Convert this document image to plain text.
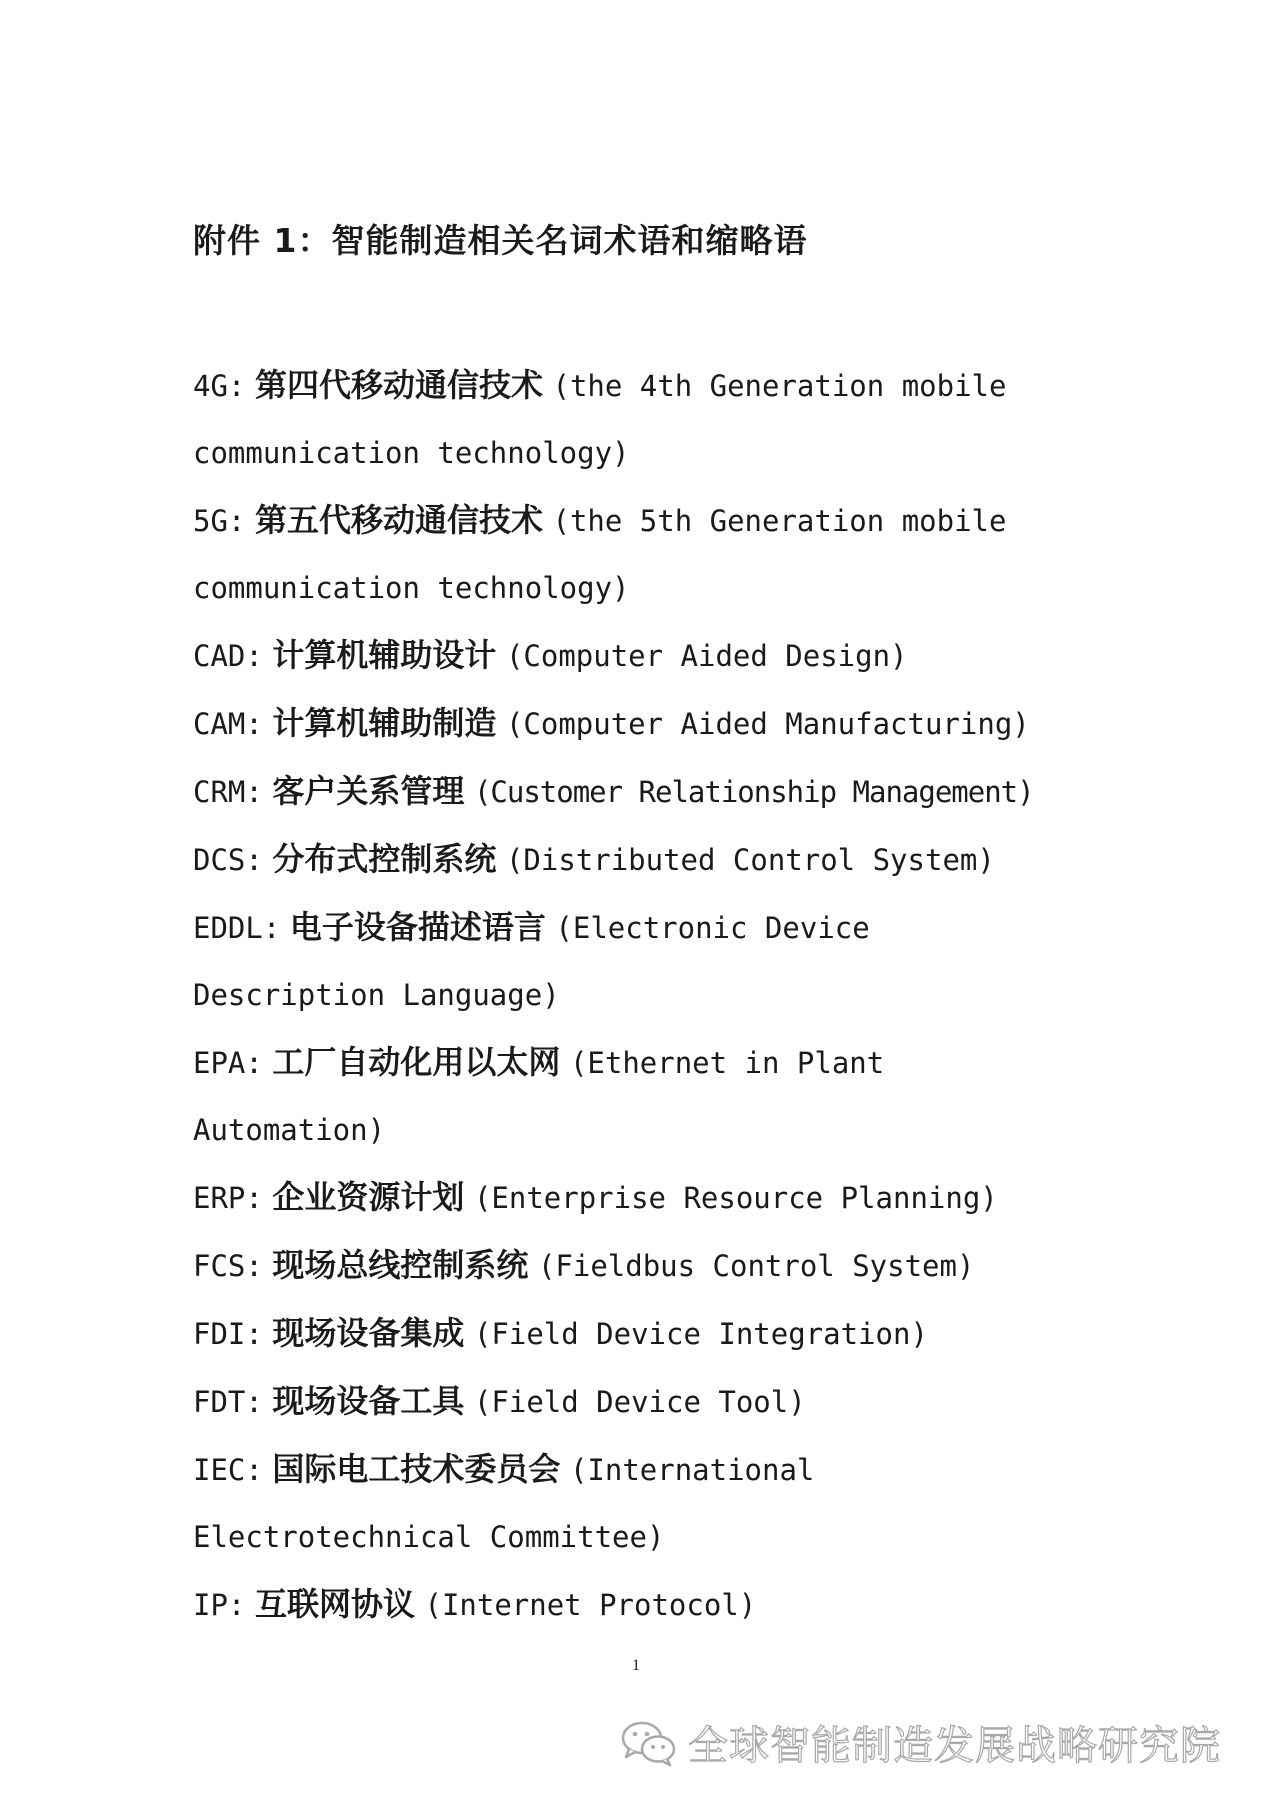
附件 1：智能制造相关名词术语和缩略语
4G: 第四代移动通信技术 (the 4th Generation mobile
communication technology)
5G: 第五代移动通信技术 (the 5th Generation mobile
communication technology)
CAD: 计算机辅助设计 (Computer Aided Design)
CAM: 计算机辅助制造 (Computer Aided Manufacturing)
CRM: 客户关系管理 (Customer Relationship Management)
DCS: 分布式控制系统 (Distributed Control System)
EDDL: 电子设备描述语言 (Electronic Device
Description Language)
EPA: 工厂自动化用以太网 (Ethernet in Plant
Automation)
ERP: 企业资源计划 (Enterprise Resource Planning)
FCS: 现场总线控制系统 (Fieldbus Control System)
FDI: 现场设备集成 (Field Device Integration)
FDT: 现场设备工具 (Field Device Tool)
IEC: 国际电工技术委员会 (International
Electrotechnical Committee)
IP: 互联网协议 (Internet Protocol)
1
全球智能制造发展战略研究院
